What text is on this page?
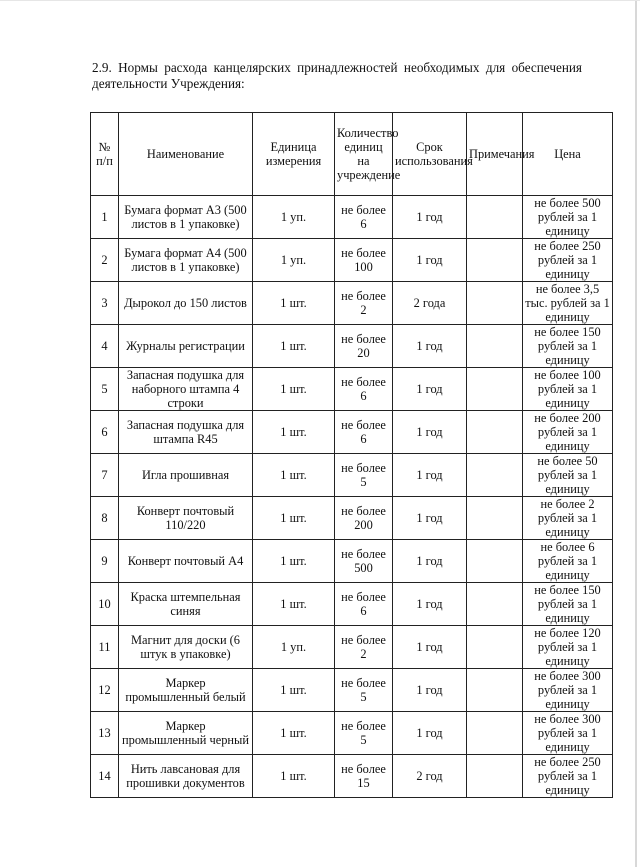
2.9. Нормы расхода канцелярских принадлежностей необходимых для обеспечения деятельности Учреждения:
№ п/п	Наименование	Единица измерения	Количество единиц на учреждение	Срок использования	Примечания	Цена
1	Бумага формат А3 (500 листов в 1 упаковке)	1 уп.	не более 6	1 год		не более 500 рублей за 1 единицу
2	Бумага формат А4 (500 листов в 1 упаковке)	1 уп.	не более 100	1 год		не более 250 рублей за 1 единицу
3	Дырокол до 150 листов	1 шт.	не более 2	2 года		не более 3,5 тыс. рублей за 1 единицу
4	Журналы регистрации	1 шт.	не более 20	1 год		не более 150 рублей за 1 единицу
5	Запасная подушка для наборного штампа 4 строки	1 шт.	не более 6	1 год		не более 100 рублей за 1 единицу
6	Запасная подушка для штампа R45	1 шт.	не более 6	1 год		не более 200 рублей за 1 единицу
7	Игла прошивная	1 шт.	не более 5	1 год		не более 50 рублей за 1 единицу
8	Конверт почтовый 110/220	1 шт.	не более 200	1 год		не более 2 рублей за 1 единицу
9	Конверт почтовый А4	1 шт.	не более 500	1 год		не более 6 рублей за 1 единицу
10	Краска штемпельная синяя	1 шт.	не более 6	1 год		не более 150 рублей за 1 единицу
11	Магнит для доски (6 штук в упаковке)	1 уп.	не более 2	1 год		не более 120 рублей за 1 единицу
12	Маркер промышленный белый	1 шт.	не более 5	1 год		не более 300 рублей за 1 единицу
13	Маркер промышленный черный	1 шт.	не более 5	1 год		не более 300 рублей за 1 единицу
14	Нить лавсановая для прошивки документов	1 шт.	не более 15	2 год		не более 250 рублей за 1 единицу
